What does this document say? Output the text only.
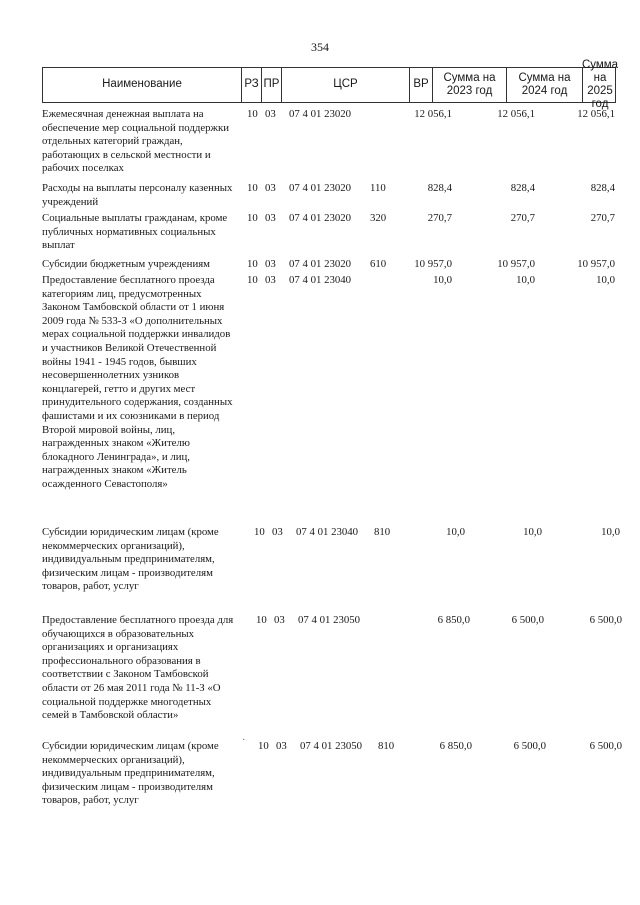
354
Наименование	РЗ ПР	ЦСР	ВР
Сумма на 2023 год
Сумма на 2024 год
Сумма на 2025 год
Ежемесячная денежная выплата на обеспечение мер социальной поддержки отдельных категорий граждан, работающих в сельской местности и рабочих поселках
10 03 07 4 01 23020	12 056,1	12 056,1	12 056,1
Расходы на выплаты персоналу казенных учреждений
10 03 07 4 01 23020 110	828,4	828,4	828,4
Социальные выплаты гражданам, кроме публичных нормативных социальных выплат
10 03 07 4 01 23020 320	270,7	270,7	270,7
Субсидии бюджетным учреждениям	10 03 07 4 01 23020 610	10 957,0	10 957,0	10 957,0
Предоставление бесплатного проезда категориям лиц, предусмотренных Законом Тамбовской области от 1 июня 2009 года № 533-З «О дополнительных мерах социальной поддержки инвалидов и участников Великой Отечественной войны 1941 - 1945 годов, бывших несовершеннолетних узников концлагерей, гетто и других мест принудительного содержания, созданных фашистами и их союзниками в период Второй мировой войны, лиц, награжденных знаком «Жителю блокадного Ленинграда», и лиц, награжденных знаком «Житель осажденного Севастополя»
10 03 07 4 01 23040	10,0	10,0	10,0
Субсидии юридическим лицам (кроме некоммерческих организаций), индивидуальным предпринимателям, физическим лицам - производителям товаров, работ, услуг
10 03 07 4 01 23040 810	10,0	10,0	10,0
Предоставление бесплатного проезда для обучающихся в образовательных организациях и организациях профессионального образования в соответствии с Законом Тамбовской области от 26 мая 2011 года № 11-З «О социальной поддержке многодетных семей в Тамбовской области»
10 03 07 4 01 23050	6 850,0	6 500,0	6 500,0
·
Субсидии юридическим лицам (кроме некоммерческих организаций), индивидуальным предпринимателям, физическим лицам - производителям товаров, работ, услуг
10 03 07 4 01 23050 810	6 850,0	6 500,0	6 500,0
